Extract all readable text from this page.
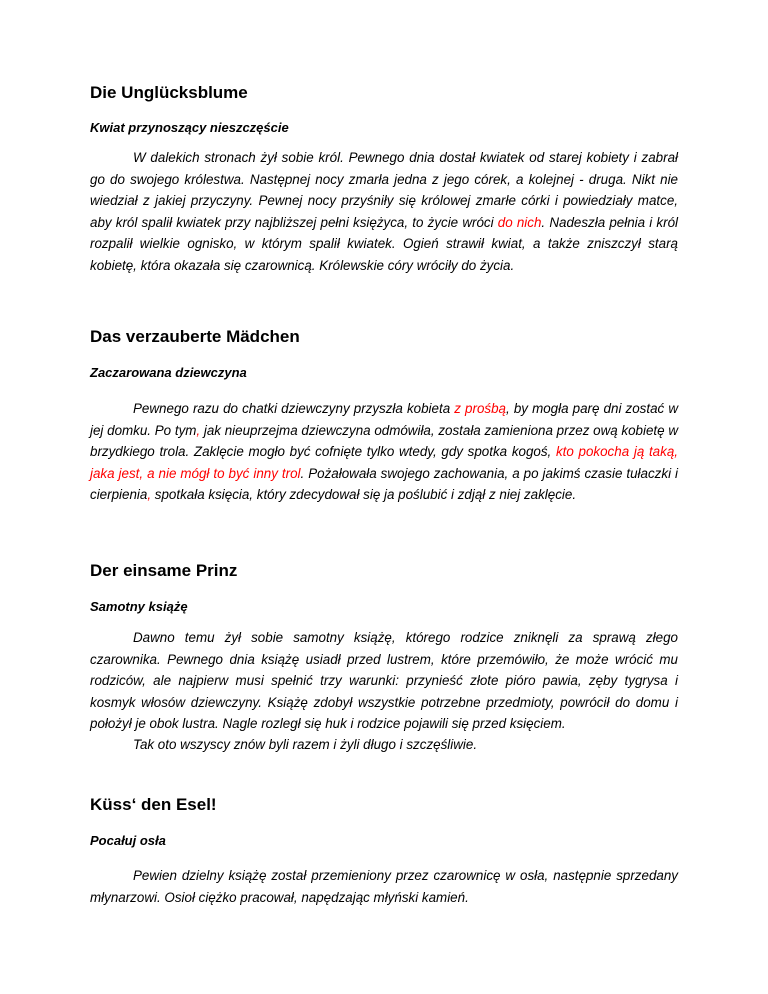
Die Unglücksblume

Kwiat przynoszący nieszczęście

W dalekich stronach żył sobie król. Pewnego dnia dostał kwiatek od starej kobiety i zabrał go do swojego królestwa. Następnej nocy zmarła jedna z jego córek, a kolejnej - druga. Nikt nie wiedział z jakiej przyczyny. Pewnej nocy przyśniły się królowej zmarłe córki i powiedziały matce, aby król spalił kwiatek przy najbliższej pełni księżyca, to życie wróci do nich. Nadeszła pełnia i król rozpalił wielkie ognisko, w którym spalił kwiatek. Ogień strawił kwiat, a także zniszczył starą kobietę, która okazała się czarownicą. Królewskie córy wróciły do życia.

Das verzauberte Mädchen

Zaczarowana dziewczyna

Pewnego razu do chatki dziewczyny przyszła kobieta z prośbą, by mogła parę dni zostać w jej domku. Po tym, jak nieuprzejma dziewczyna odmówiła, została zamieniona przez ową kobietę w brzydkiego trola. Zaklęcie mogło być cofnięte tylko wtedy, gdy spotka kogoś, kto pokocha ją taką, jaka jest, a nie mógł to być inny trol. Pożałowała swojego zachowania, a po jakimś czasie tułaczki i cierpienia, spotkała księcia, który zdecydował się ja poślubić i zdjął z niej zaklęcie.

Der einsame Prinz

Samotny książę

Dawno temu żył sobie samotny książę, którego rodzice zniknęli za sprawą złego czarownika. Pewnego dnia książę usiadł przed lustrem, które przemówiło, że może wrócić mu rodziców, ale najpierw musi spełnić trzy warunki: przynieść złote pióro pawia, zęby tygrysa i kosmyk włosów dziewczyny. Książę zdobył wszystkie potrzebne przedmioty, powrócił do domu i położył je obok lustra. Nagle rozległ się huk i rodzice pojawili się przed księciem.

Tak oto wszyscy znów byli razem i żyli długo i szczęśliwie.

Küss‘ den Esel!

Pocałuj osła

Pewien dzielny książę został przemieniony przez czarownicę w osła, następnie sprzedany młynarzowi. Osioł ciężko pracował, napędzając młyński kamień.
